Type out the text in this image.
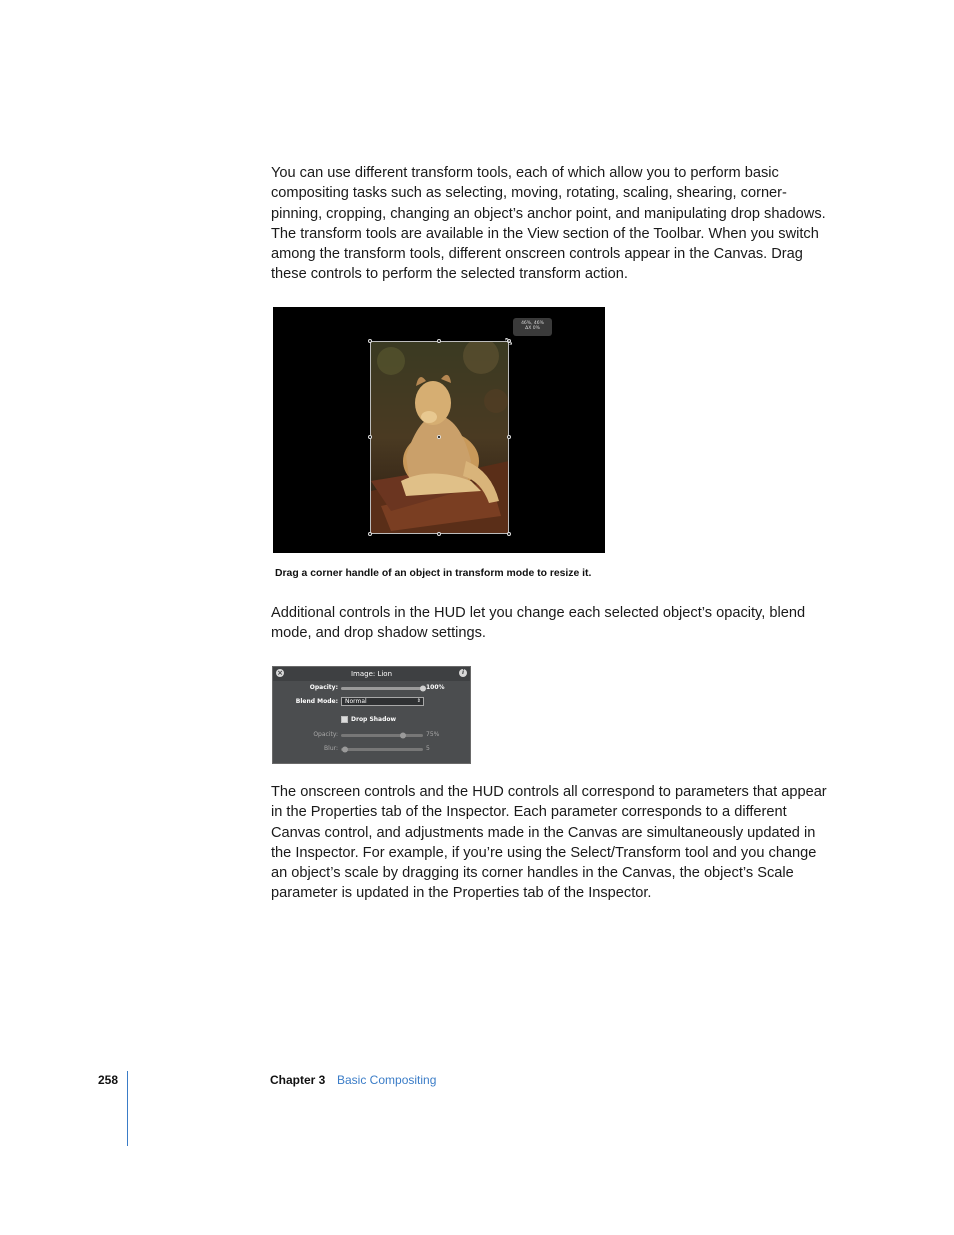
You can use different transform tools, each of which allow you to perform basic compositing tasks such as selecting, moving, rotating, scaling, shearing, corner-pinning, cropping, changing an object’s anchor point, and manipulating drop shadows. The transform tools are available in the View section of the Toolbar. When you switch among the transform tools, different onscreen controls appear in the Canvas. Drag these controls to perform the selected transform action.

46%, 46%
ΔX 0%
⤡
Drag a corner handle of an object in transform mode to resize it.

Additional controls in the HUD let you change each selected object’s opacity, blend mode, and drop shadow settings.

×	Image: Lion	i
Opacity:	100%
Blend Mode:	Normal	⇕
Drop Shadow
Opacity:	75%
Blur:	5

The onscreen controls and the HUD controls all correspond to parameters that appear in the Properties tab of the Inspector. Each parameter corresponds to a different Canvas control, and adjustments made in the Canvas are simultaneously updated in the Inspector. For example, if you’re using the Select/Transform tool and you change an object’s scale by dragging its corner handles in the Canvas, the object’s Scale parameter is updated in the Properties tab of the Inspector.

258	Chapter 3 Basic Compositing
